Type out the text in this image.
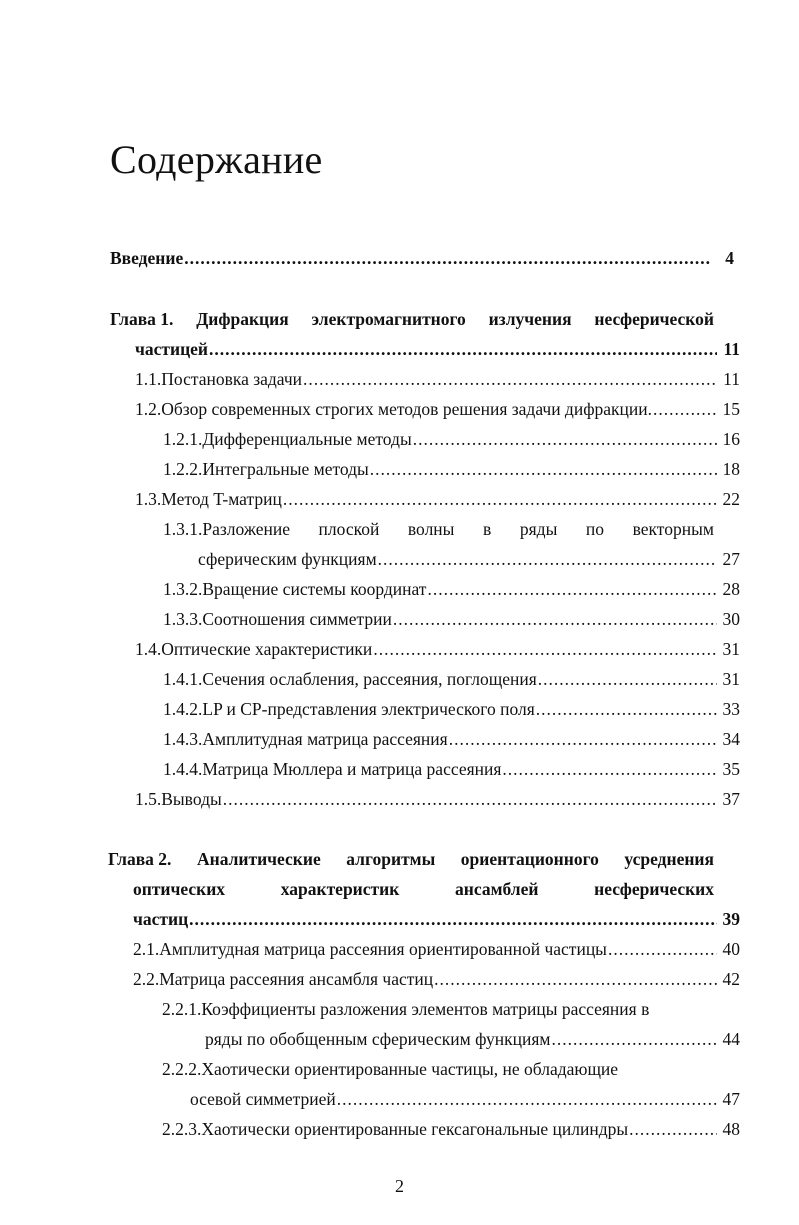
Содержание
Введение .....	4
Глава 1. Дифракция электромагнитного излучения несферической
частицей .....	11
1.1.Постановка задачи .....	11
1.2.Обзор современных строгих методов решения задачи дифракции. .....	15
1.2.1.Дифференциальные методы .....	16
1.2.2.Интегральные методы .....	18
1.3.Метод T-матриц .....	22
1.3.1.Разложение плоской волны в ряды по векторным
сферическим функциям .....	27
1.3.2.Вращение системы координат .....	28
1.3.3.Соотношения симметрии .....	30
1.4.Оптические характеристики .....	31
1.4.1.Сечения ослабления, рассеяния, поглощения .....	31
1.4.2.LP и CP-представления электрического поля .....	33
1.4.3.Амплитудная матрица рассеяния .....	34
1.4.4.Матрица Мюллера и матрица рассеяния .....	35
1.5.Выводы .....	37
Глава 2. Аналитические алгоритмы ориентационного усреднения
оптических	характеристик	ансамблей	несферических
частиц .....	39
2.1.Амплитудная матрица рассеяния ориентированной частицы .....	40
2.2.Матрица рассеяния ансамбля частиц .....	42
2.2.1.Коэффициенты разложения элементов матрицы рассеяния в
ряды по обобщенным сферическим функциям .....	44
2.2.2.Хаотически ориентированные частицы, не обладающие
осевой симметрией .....	47
2.2.3.Хаотически ориентированные гексагональные цилиндры .....	48
2
